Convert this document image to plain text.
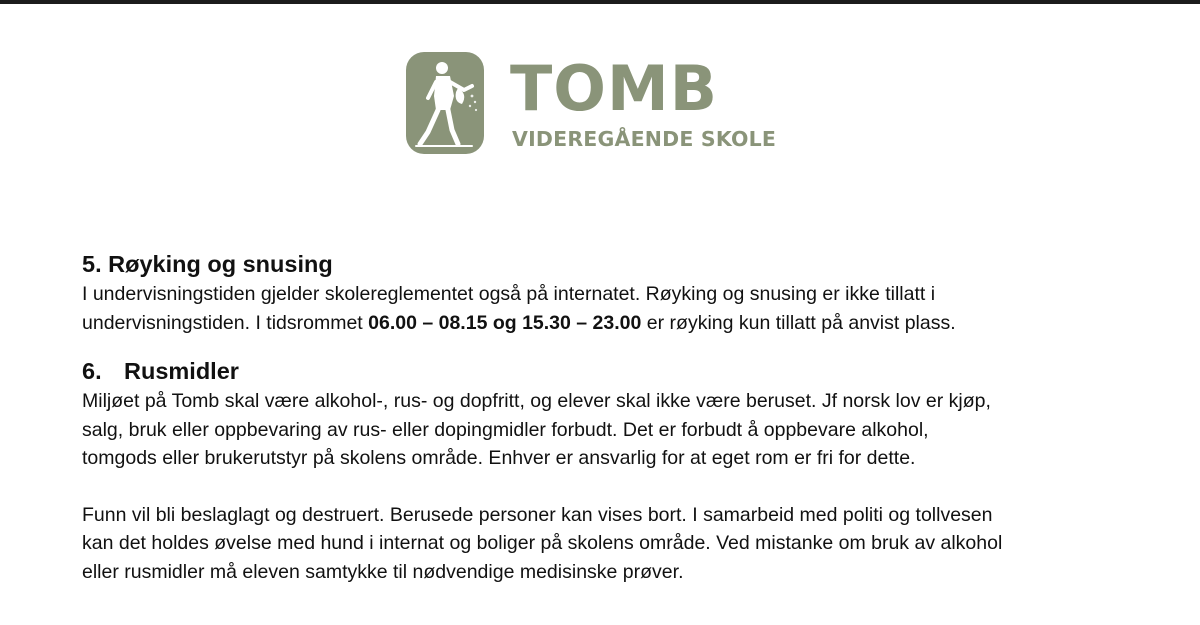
TOMB
VIDEREGÅENDE SKOLE
5. Røyking og snusing

I undervisningstiden gjelder skolereglementet også på internatet. Røyking og snusing er ikke tillatt i
undervisningstiden. I tidsrommet 06.00 – 08.15 og 15.30 – 23.00 er røyking kun tillatt på anvist plass.

6. Rusmidler

Miljøet på Tomb skal være alkohol-, rus- og dopfritt, og elever skal ikke være beruset. Jf norsk lov er kjøp,
salg, bruk eller oppbevaring av rus- eller dopingmidler forbudt. Det er forbudt å oppbevare alkohol,
tomgods eller brukerutstyr på skolens område. Enhver er ansvarlig for at eget rom er fri for dette.

Funn vil bli beslaglagt og destruert. Berusede personer kan vises bort. I samarbeid med politi og tollvesen
kan det holdes øvelse med hund i internat og boliger på skolens område. Ved mistanke om bruk av alkohol
eller rusmidler må eleven samtykke til nødvendige medisinske prøver.
